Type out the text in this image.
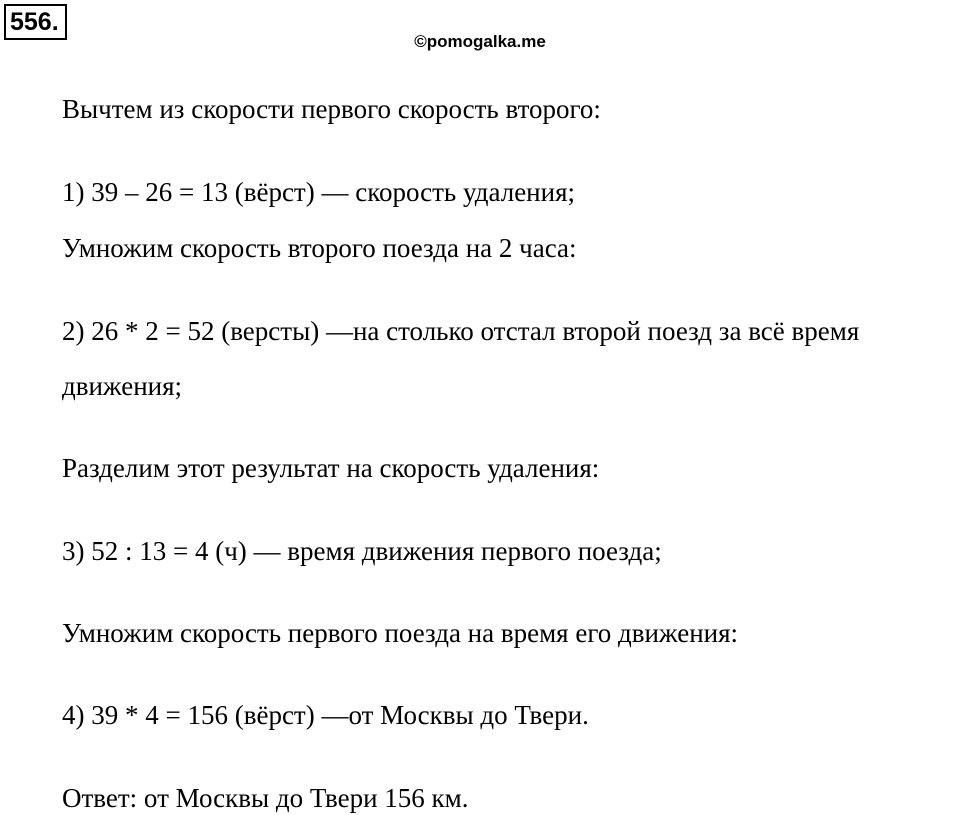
556.
©pomogalka.me

Вычтем из скорости первого скорость второго:

1) 39 – 26 = 13 (вёрст) — скорость удаления;

Умножим скорость второго поезда на 2 часа:

2) 26 * 2 = 52 (версты) —на столько отстал второй поезд за всё время

движения;

Разделим этот результат на скорость удаления:

3) 52 : 13 = 4 (ч) — время движения первого поезда;

Умножим скорость первого поезда на время его движения:

4) 39 * 4 = 156 (вёрст) —от Москвы до Твери.

Ответ: от Москвы до Твери 156 км.
